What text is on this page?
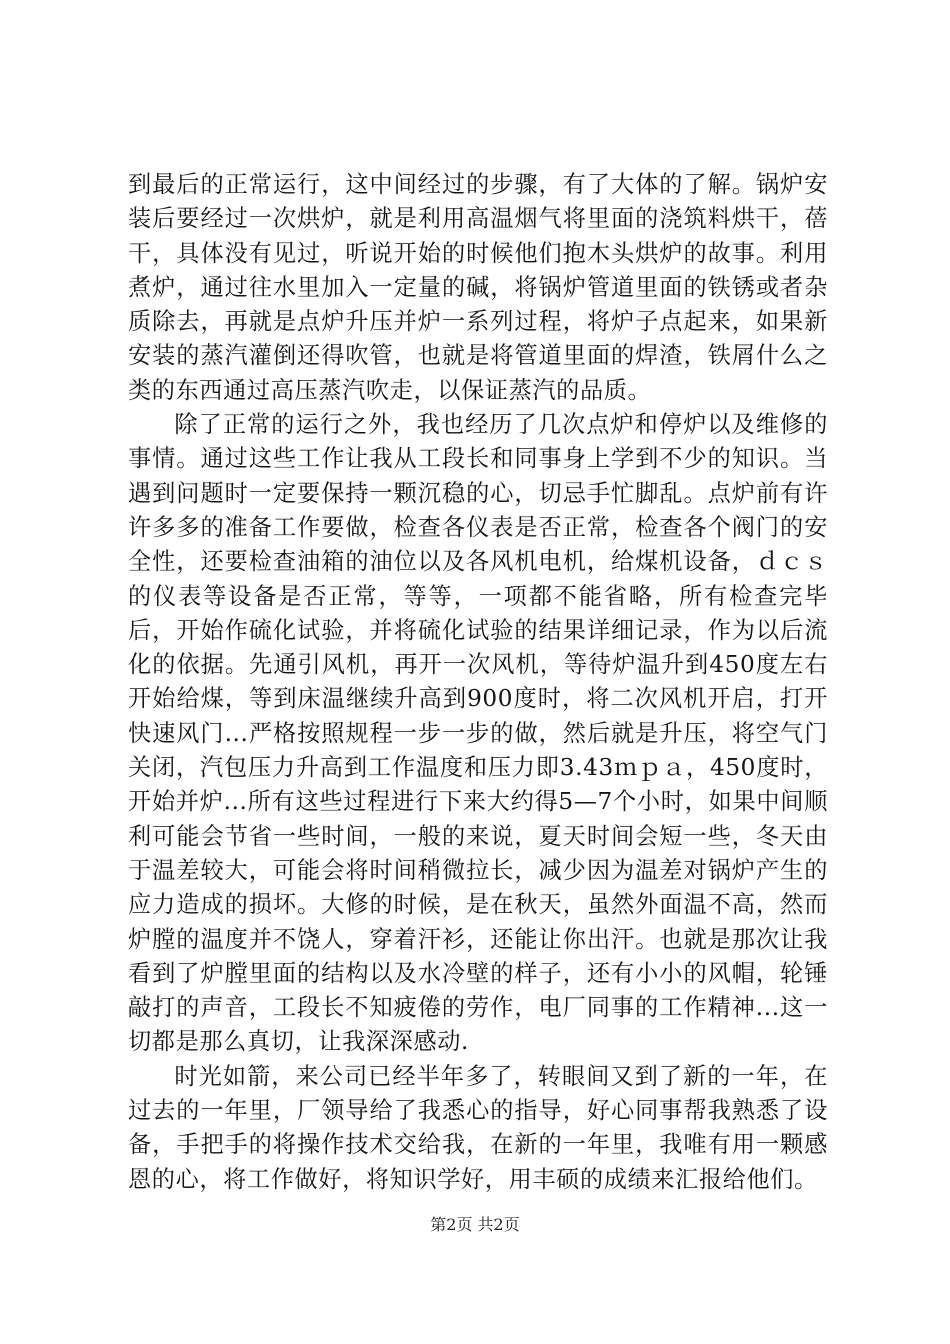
到最后的正常运行，这中间经过的步骤，有了大体的了解。锅炉安装后要经过一次烘炉，就是利用高温烟气将里面的浇筑料烘干，蓓干，具体没有见过，听说开始的时候他们抱木头烘炉的故事。利用煮炉，通过往水里加入一定量的碱，将锅炉管道里面的铁锈或者杂质除去，再就是点炉升压并炉一系列过程，将炉子点起来，如果新安装的蒸汽灌倒还得吹管，也就是将管道里面的焊渣，铁屑什么之类的东西通过高压蒸汽吹走，以保证蒸汽的品质。

除了正常的运行之外，我也经历了几次点炉和停炉以及维修的事情。通过这些工作让我从工段长和同事身上学到不少的知识。当遇到问题时一定要保持一颗沉稳的心，切忌手忙脚乱。点炉前有许许多多的准备工作要做，检查各仪表是否正常，检查各个阀门的安全性，还要检查油箱的油位以及各风机电机，给煤机设备，ｄｃｓ的仪表等设备是否正常，等等，一项都不能省略，所有检查完毕后，开始作硫化试验，并将硫化试验的结果详细记录，作为以后流化的依据。先通引风机，再开一次风机，等待炉温升到450度左右开始给煤，等到床温继续升高到900度时，将二次风机开启，打开快速风门...严格按照规程一步一步的做，然后就是升压，将空气门关闭，汽包压力升高到工作温度和压力即3.43ｍｐａ，450度时，开始并炉...所有这些过程进行下来大约得5—7个小时，如果中间顺利可能会节省一些时间，一般的来说，夏天时间会短一些，冬天由于温差较大，可能会将时间稍微拉长，减少因为温差对锅炉产生的应力造成的损坏。大修的时候，是在秋天，虽然外面温不高，然而炉膛的温度并不饶人，穿着汗衫，还能让你出汗。也就是那次让我看到了炉膛里面的结构以及水冷壁的样子，还有小小的风帽，轮锤敲打的声音，工段长不知疲倦的劳作，电厂同事的工作精神...这一切都是那么真切，让我深深感动.

时光如箭，来公司已经半年多了，转眼间又到了新的一年，在过去的一年里，厂领导给了我悉心的指导，好心同事帮我熟悉了设备，手把手的将操作技术交给我，在新的一年里，我唯有用一颗感恩的心，将工作做好，将知识学好，用丰硕的成绩来汇报给他们。

第2页 共2页
